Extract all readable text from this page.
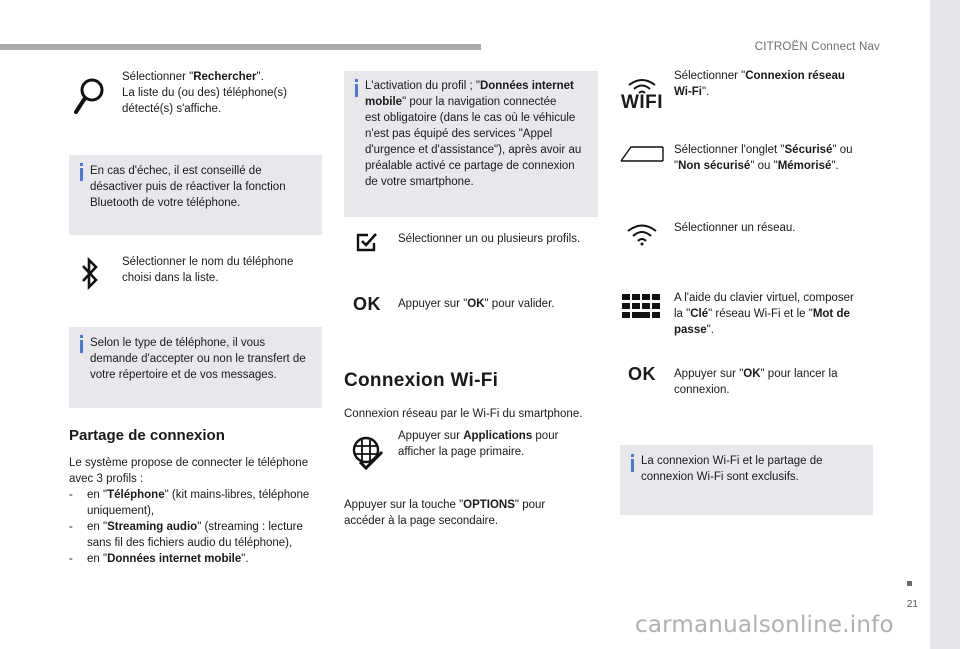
CITROËN Connect Nav
Sélectionner "Rechercher".
La liste du (ou des) téléphone(s)
détecté(s) s'affiche.
En cas d'échec, il est conseillé de
désactiver puis de réactiver la fonction
Bluetooth de votre téléphone.
Sélectionner le nom du téléphone
choisi dans la liste.
Selon le type de téléphone, il vous
demande d'accepter ou non le transfert de
votre répertoire et de vos messages.
Partage de connexion
Le système propose de connecter le téléphone
avec 3 profils :
- en "Téléphone" (kit mains-libres, téléphone
uniquement),
- en "Streaming audio" (streaming : lecture
sans fil des fichiers audio du téléphone),
- en "Données internet mobile".
L'activation du profil ; "Données internet
mobile" pour la navigation connectée
est obligatoire (dans le cas où le véhicule
n'est pas équipé des services "Appel
d'urgence et d'assistance"), après avoir au
préalable activé ce partage de connexion
de votre smartphone.
Sélectionner un ou plusieurs profils.
OK Appuyer sur "OK" pour valider.
Connexion Wi-Fi
Connexion réseau par le Wi-Fi du smartphone.
Appuyer sur Applications pour
afficher la page primaire.
Appuyer sur la touche "OPTIONS" pour
accéder à la page secondaire.
WIFI
Sélectionner "Connexion réseau
Wi-Fi".
Sélectionner l'onglet "Sécurisé" ou
"Non sécurisé" ou "Mémorisé".
Sélectionner un réseau.
A l'aide du clavier virtuel, composer
la "Clé" réseau Wi-Fi et le "Mot de
passe".
OK Appuyer sur "OK" pour lancer la
connexion.
La connexion Wi-Fi et le partage de
connexion Wi-Fi sont exclusifs.
21
carmanualsonline.info
